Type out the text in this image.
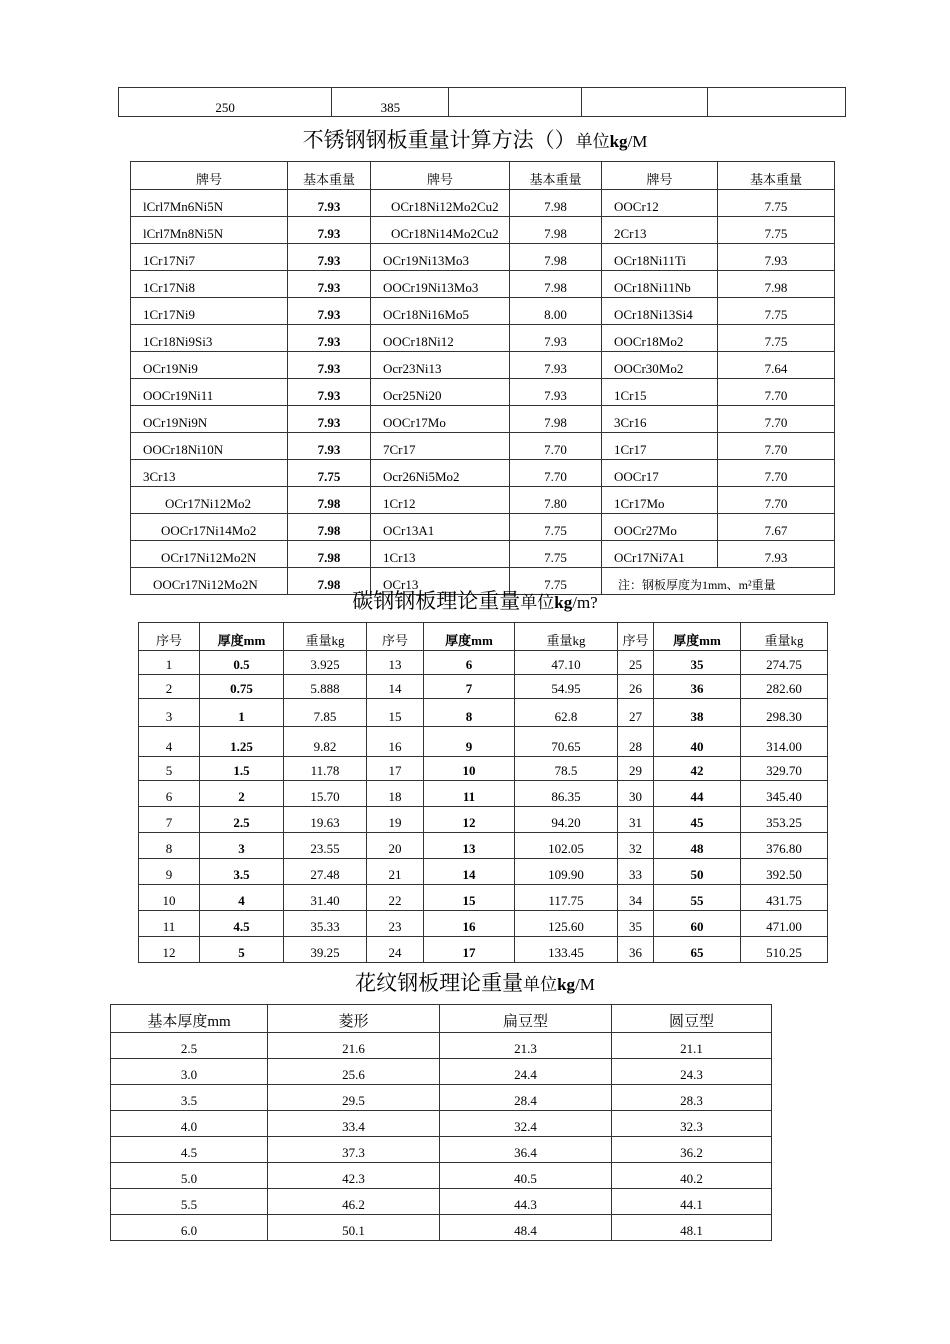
250	385			
不锈钢钢板重量计算方法（）单位kg/M
牌号	基本重量	牌号	基本重量	牌号	基本重量
lCrl7Mn6Ni5N	7.93	OCr18Ni12Mo2Cu2	7.98	OOCr12	7.75
lCrl7Mn8Ni5N	7.93	OCr18Ni14Mo2Cu2	7.98	2Cr13	7.75
1Cr17Ni7	7.93	OCr19Ni13Mo3	7.98	OCr18Ni11Ti	7.93
1Cr17Ni8	7.93	OOCr19Ni13Mo3	7.98	OCr18Ni11Nb	7.98
1Cr17Ni9	7.93	OCr18Ni16Mo5	8.00	OCr18Ni13Si4	7.75
1Cr18Ni9Si3	7.93	OOCr18Ni12	7.93	OOCr18Mo2	7.75
OCr19Ni9	7.93	Ocr23Ni13	7.93	OOCr30Mo2	7.64
OOCr19Ni11	7.93	Ocr25Ni20	7.93	1Cr15	7.70
OCr19Ni9N	7.93	OOCr17Mo	7.98	3Cr16	7.70
OOCr18Ni10N	7.93	7Cr17	7.70	1Cr17	7.70
3Cr13	7.75	Ocr26Ni5Mo2	7.70	OOCr17	7.70
OCr17Ni12Mo2	7.98	1Cr12	7.80	1Cr17Mo	7.70
OOCr17Ni14Mo2	7.98	OCr13A1	7.75	OOCr27Mo	7.67
OCr17Ni12Mo2N	7.98	1Cr13	7.75	OCr17Ni7A1	7.93
OOCr17Ni12Mo2N	7.98	OCr13	7.75	注：钢板厚度为1mm、m²重量	
碳钢钢板理论重量单位kg/m?
序号	厚度mm	重量kg	序号	厚度mm	重量kg	序号	厚度mm	重量kg
1	0.5	3.925	13	6	47.10	25	35	274.75
2	0.75	5.888	14	7	54.95	26	36	282.60
3	1	7.85	15	8	62.8	27	38	298.30
4	1.25	9.82	16	9	70.65	28	40	314.00
5	1.5	11.78	17	10	78.5	29	42	329.70
6	2	15.70	18	11	86.35	30	44	345.40
7	2.5	19.63	19	12	94.20	31	45	353.25
8	3	23.55	20	13	102.05	32	48	376.80
9	3.5	27.48	21	14	109.90	33	50	392.50
10	4	31.40	22	15	117.75	34	55	431.75
11	4.5	35.33	23	16	125.60	35	60	471.00
12	5	39.25	24	17	133.45	36	65	510.25
花纹钢板理论重量单位kg/M
基本厚度mm	菱形	扁豆型	圆豆型
2.5	21.6	21.3	21.1
3.0	25.6	24.4	24.3
3.5	29.5	28.4	28.3
4.0	33.4	32.4	32.3
4.5	37.3	36.4	36.2
5.0	42.3	40.5	40.2
5.5	46.2	44.3	44.1
6.0	50.1	48.4	48.1
